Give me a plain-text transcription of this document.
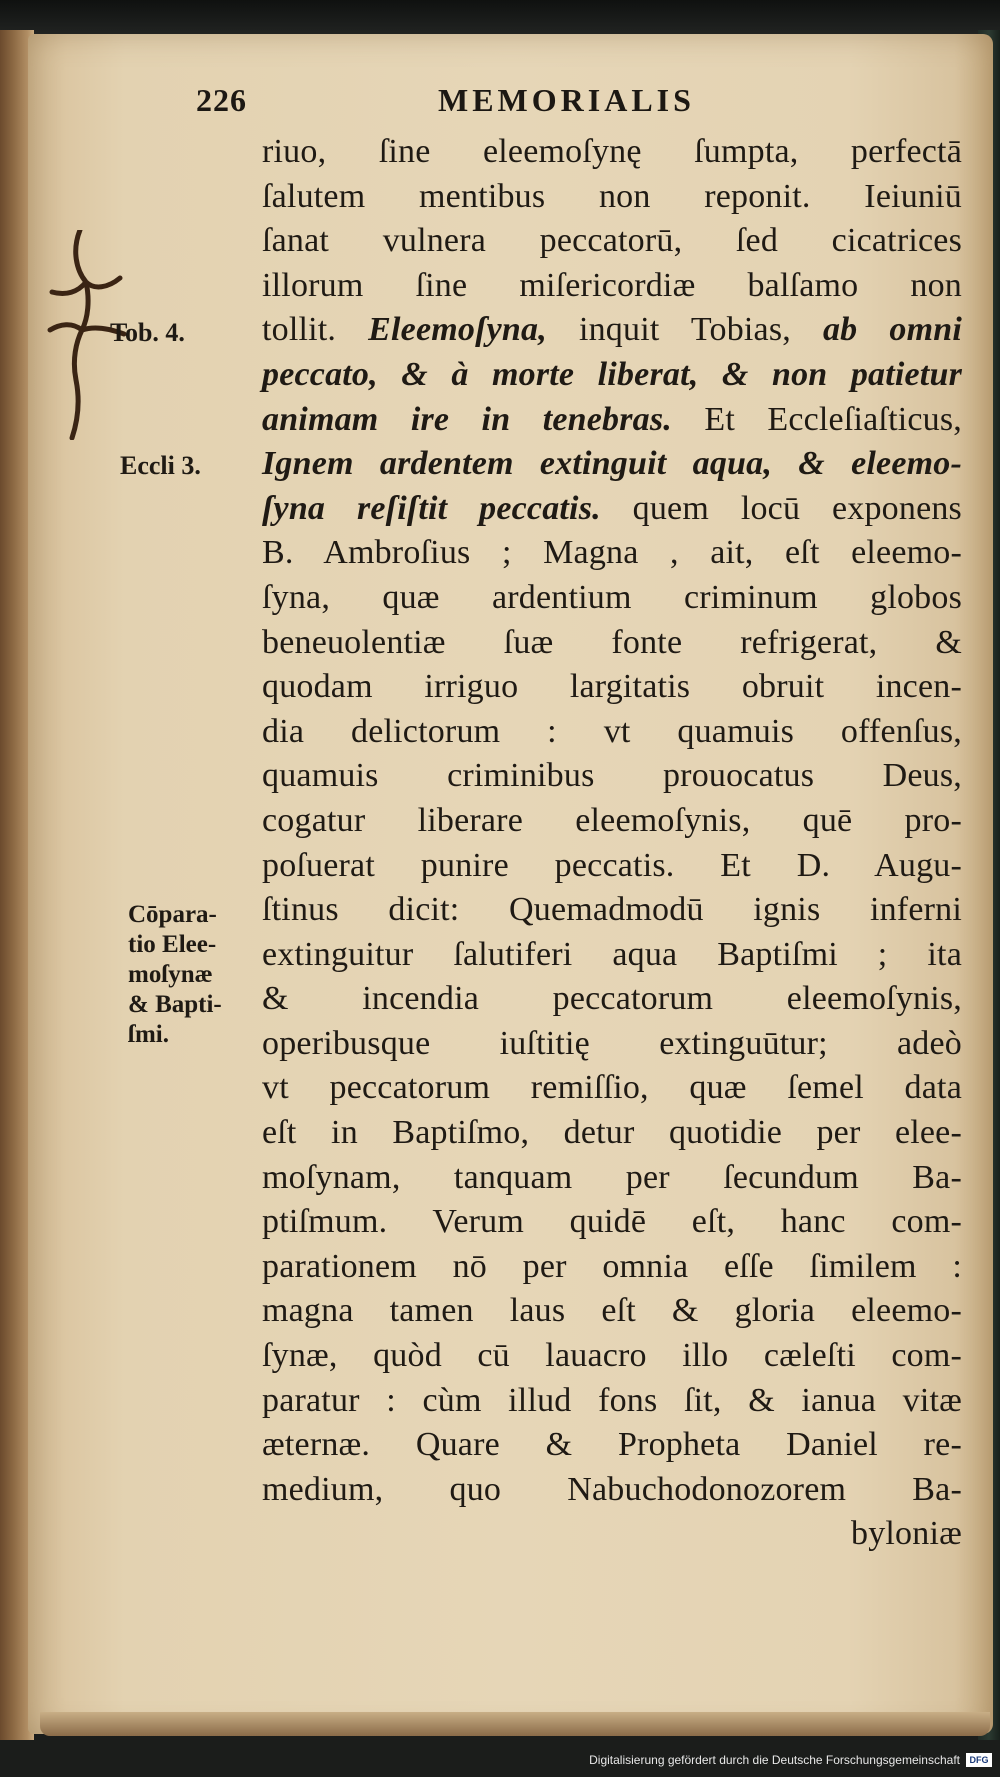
226	MEMORIALIS
Tob. 4.
Eccli 3.
Cōpara-
tio Elee-
moſynæ
& Bapti-
ſmi.
riuo, ſine eleemoſynę ſumpta, perfectā
ſalutem mentibus non reponit. Ieiuniū
ſanat vulnera peccatorū, ſed cicatrices
illorum ſine miſericordiæ balſamo non
tollit. Eleemoſyna, inquit Tobias, ab omni
peccato, & à morte liberat, & non patietur
animam ire in tenebras. Et Eccleſiaſticus,
Ignem ardentem extinguit aqua, & eleemo-
ſyna reſiſtit peccatis. quem locū exponens
B. Ambroſius ; Magna , ait, eſt eleemo-
ſyna, quæ ardentium criminum globos
beneuolentiæ ſuæ fonte refrigerat, &
quodam irriguo largitatis obruit incen-
dia delictorum : vt quamuis offenſus,
quamuis criminibus prouocatus Deus,
cogatur liberare eleemoſynis, quē pro-
poſuerat punire peccatis. Et D. Augu-
ſtinus dicit: Quemadmodū ignis inferni
extinguitur ſalutiferi aqua Baptiſmi ; ita
& incendia peccatorum eleemoſynis,
operibusque iuſtitię extinguūtur; adeò
vt peccatorum remiſſio, quæ ſemel data
eſt in Baptiſmo, detur quotidie per elee-
moſynam, tanquam per ſecundum Ba-
ptiſmum. Verum quidē eſt, hanc com-
parationem nō per omnia eſſe ſimilem :
magna tamen laus eſt & gloria eleemo-
ſynæ, quòd cū lauacro illo cæleſti com-
paratur : cùm illud fons ſit, & ianua vitæ
æternæ. Quare & Propheta Daniel re-
medium, quo Nabuchodonozorem Ba-
byloniæ
Digitalisierung gefördert durch die Deutsche Forschungsgemeinschaft	DFG
